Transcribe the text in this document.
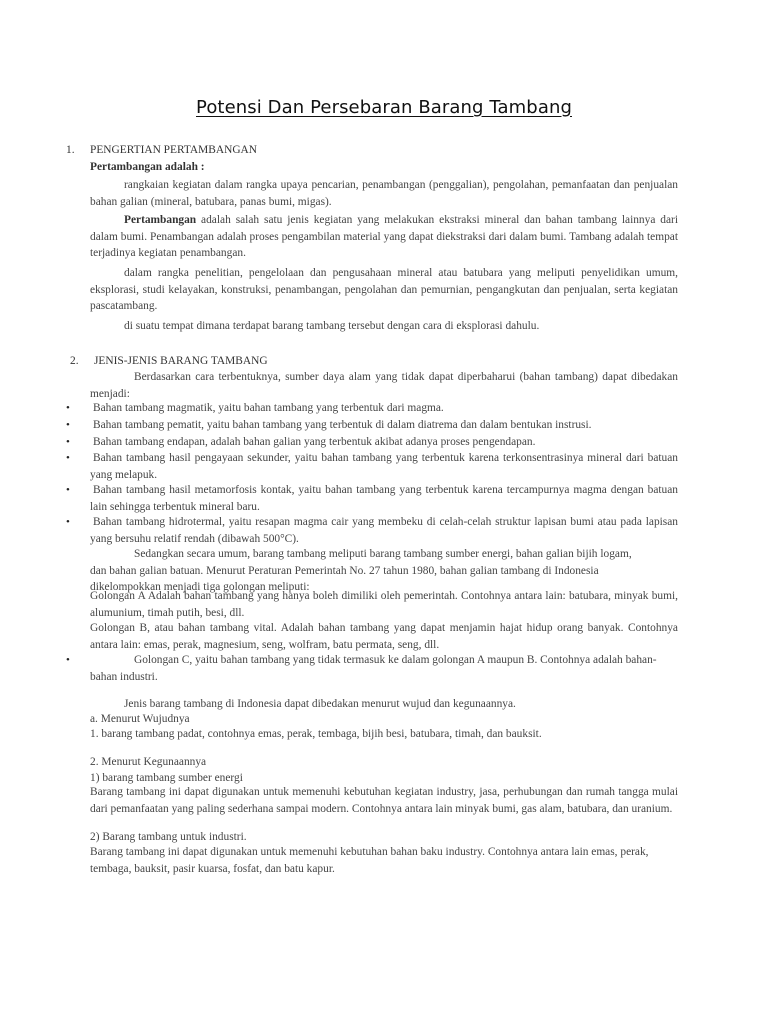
Potensi Dan Persebaran Barang Tambang
1. PENGERTIAN PERTAMBANGAN
Pertambangan adalah :
rangkaian kegiatan dalam rangka upaya pencarian, penambangan (penggalian), pengolahan, pemanfaatan dan penjualan bahan galian (mineral, batubara, panas bumi, migas).
Pertambangan adalah salah satu jenis kegiatan yang melakukan ekstraksi mineral dan bahan tambang lainnya dari dalam bumi. Penambangan adalah proses pengambilan material yang dapat diekstraksi dari dalam bumi. Tambang adalah tempat terjadinya kegiatan penambangan.
dalam rangka penelitian, pengelolaan dan pengusahaan mineral atau batubara yang meliputi penyelidikan umum, eksplorasi, studi kelayakan, konstruksi, penambangan, pengolahan dan pemurnian, pengangkutan dan penjualan, serta kegiatan pascatambang.
di suatu tempat dimana terdapat barang tambang tersebut dengan cara di eksplorasi dahulu.
2. JENIS-JENIS BARANG TAMBANG
Berdasarkan cara terbentuknya, sumber daya alam yang tidak dapat diperbaharui (bahan tambang) dapat dibedakan menjadi:
• Bahan tambang magmatik, yaitu bahan tambang yang terbentuk dari magma.
• Bahan tambang pematit, yaitu bahan tambang yang terbentuk di dalam diatrema dan dalam bentukan instrusi.
• Bahan tambang endapan, adalah bahan galian yang terbentuk akibat adanya proses pengendapan.
• Bahan tambang hasil pengayaan sekunder, yaitu bahan tambang yang terbentuk karena terkonsentrasinya mineral dari batuan yang melapuk.
• Bahan tambang hasil metamorfosis kontak, yaitu bahan tambang yang terbentuk karena tercampurnya magma dengan batuan lain sehingga terbentuk mineral baru.
• Bahan tambang hidrotermal, yaitu resapan magma cair yang membeku di celah-celah struktur lapisan bumi atau pada lapisan yang bersuhu relatif rendah (dibawah 500°C).
Sedangkan secara umum, barang tambang meliputi barang tambang sumber energi, bahan galian bijih logam, dan bahan galian batuan. Menurut Peraturan Pemerintah No. 27 tahun 1980, bahan galian tambang di Indonesia dikelompokkan menjadi tiga golongan meliputi:
Golongan A Adalah bahan tambang yang hanya boleh dimiliki oleh pemerintah. Contohnya antara lain: batubara, minyak bumi, alumunium, timah putih, besi, dll.
Golongan B, atau bahan tambang vital. Adalah bahan tambang yang dapat menjamin hajat hidup orang banyak. Contohnya antara lain: emas, perak, magnesium, seng, wolfram, batu permata, seng, dll.
•	Golongan C, yaitu bahan tambang yang tidak termasuk ke dalam golongan A maupun B. Contohnya adalah bahan-bahan industri.
Jenis barang tambang di Indonesia dapat dibedakan menurut wujud dan kegunaannya.
a. Menurut Wujudnya
1. barang tambang padat, contohnya emas, perak, tembaga, bijih besi, batubara, timah, dan bauksit.
2. Menurut Kegunaannya
1) barang tambang sumber energi
Barang tambang ini dapat digunakan untuk memenuhi kebutuhan kegiatan industry, jasa, perhubungan dan rumah tangga mulai dari pemanfaatan yang paling sederhana sampai modern. Contohnya antara lain minyak bumi, gas alam, batubara, dan uranium.
2) Barang tambang untuk industri.
Barang tambang ini dapat digunakan untuk memenuhi kebutuhan bahan baku industry. Contohnya antara lain emas, perak, tembaga, bauksit, pasir kuarsa, fosfat, dan batu kapur.
